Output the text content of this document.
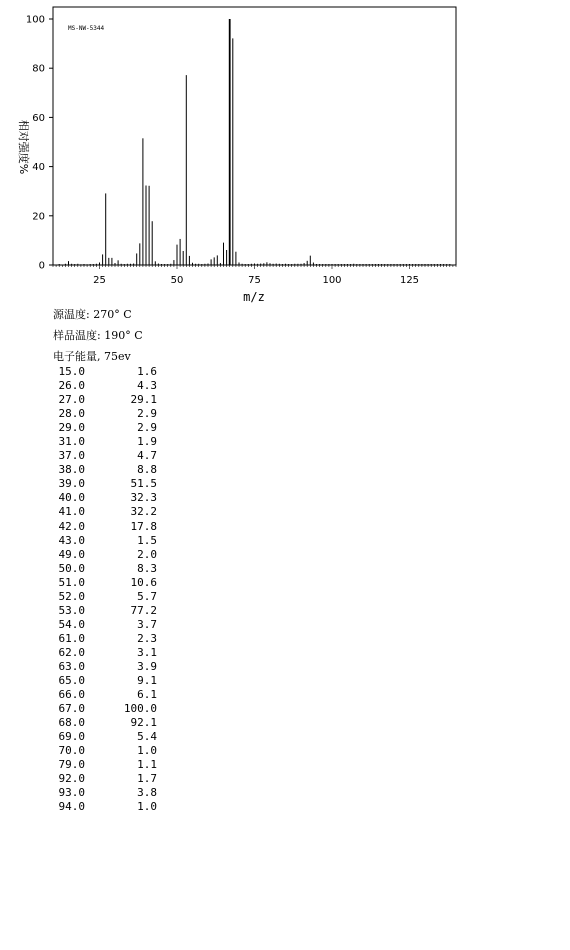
0
20
40
60
80
100
25	50	75	100	125
MS-NW-5344
m/z
相对强度%
源温度: 270° C
样品温度: 190° C
电子能量, 75ev
15.0	1.6
26.0	4.3
27.0	29.1
28.0	2.9
29.0	2.9
31.0	1.9
37.0	4.7
38.0	8.8
39.0	51.5
40.0	32.3
41.0	32.2
42.0	17.8
43.0	1.5
49.0	2.0
50.0	8.3
51.0	10.6
52.0	5.7
53.0	77.2
54.0	3.7
61.0	2.3
62.0	3.1
63.0	3.9
65.0	9.1
66.0	6.1
67.0	100.0
68.0	92.1
69.0	5.4
70.0	1.0
79.0	1.1
92.0	1.7
93.0	3.8
94.0	1.0
